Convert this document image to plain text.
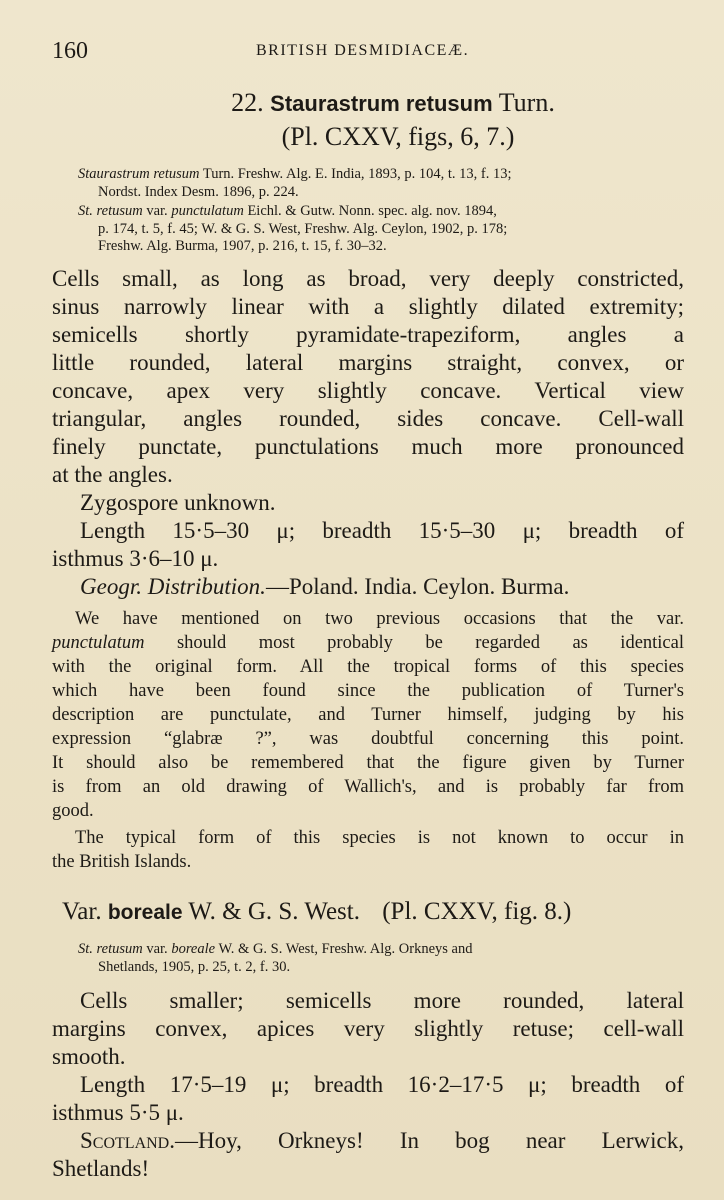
160	BRITISH DESMIDIACEÆ.
22. Staurastrum retusum Turn.
(Pl. CXXV, figs, 6, 7.)
Staurastrum retusum Turn. Freshw. Alg. E. India, 1893, p. 104, t. 13, f. 13;
Nordst. Index Desm. 1896, p. 224.
St. retusum var. punctulatum Eichl. & Gutw. Nonn. spec. alg. nov. 1894,
p. 174, t. 5, f. 45; W. & G. S. West, Freshw. Alg. Ceylon, 1902, p. 178;
Freshw. Alg. Burma, 1907, p. 216, t. 15, f. 30–32.
Cells small, as long as broad, very deeply constricted,
sinus narrowly linear with a slightly dilated extremity;
semicells shortly pyramidate-trapeziform, angles a
little rounded, lateral margins straight, convex, or
concave, apex very slightly concave. Vertical view
triangular, angles rounded, sides concave. Cell-wall
finely punctate, punctulations much more pronounced
at the angles.
Zygospore unknown.
Length 15·5–30 μ; breadth 15·5–30 μ; breadth of
isthmus 3·6–10 μ.
Geogr. Distribution.—Poland. India. Ceylon. Burma.
We have mentioned on two previous occasions that the var.
punctulatum should most probably be regarded as identical
with the original form. All the tropical forms of this species
which have been found since the publication of Turner's
description are punctulate, and Turner himself, judging by his
expression “glabræ ?”, was doubtful concerning this point.
It should also be remembered that the figure given by Turner
is from an old drawing of Wallich's, and is probably far from
good.
The typical form of this species is not known to occur in
the British Islands.
Var. boreale W. & G. S. West. (Pl. CXXV, fig. 8.)
St. retusum var. boreale W. & G. S. West, Freshw. Alg. Orkneys and
Shetlands, 1905, p. 25, t. 2, f. 30.
Cells smaller; semicells more rounded, lateral
margins convex, apices very slightly retuse; cell-wall
smooth.
Length 17·5–19 μ; breadth 16·2–17·5 μ; breadth of
isthmus 5·5 μ.
Scotland.—Hoy, Orkneys! In bog near Lerwick,
Shetlands!
